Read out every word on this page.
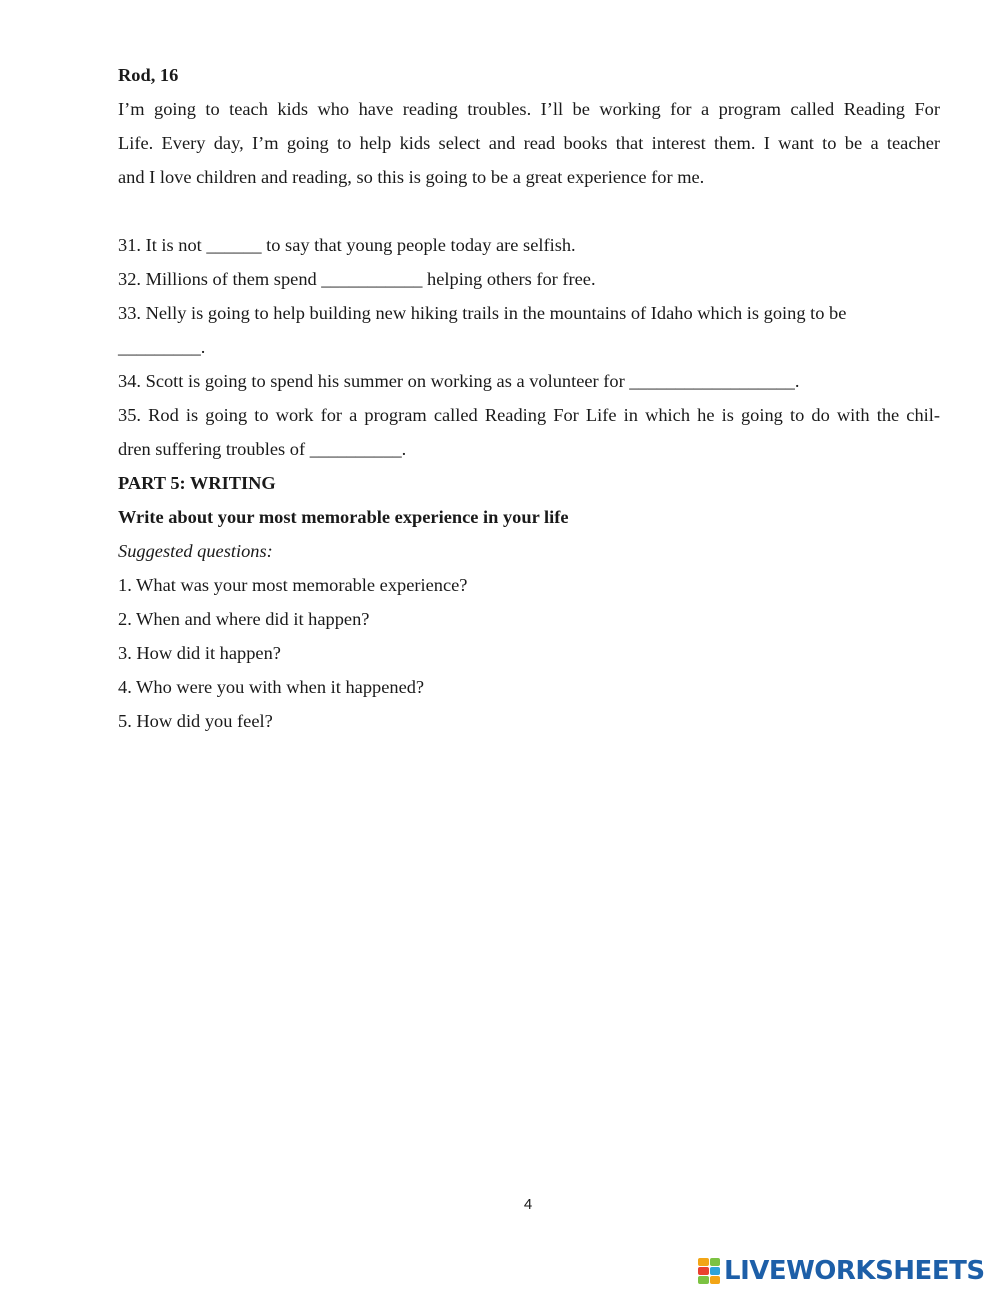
Rod, 16

I’m going to teach kids who have reading troubles. I’ll be working for a program called Reading For

Life. Every day, I’m going to help kids select and read books that interest them. I want to be a teacher

and I love children and reading, so this is going to be a great experience for me.

31. It is not ______ to say that young people today are selfish.

32. Millions of them spend ___________ helping others for free.

33. Nelly is going to help building new hiking trails in the mountains of Idaho which is going to be

_________.

34. Scott is going to spend his summer on working as a volunteer for __________________.

35. Rod is going to work for a program called Reading For Life in which he is going to do with the chil-

dren suffering troubles of __________.

PART 5: WRITING

Write about your most memorable experience in your life

Suggested questions:

1. What was your most memorable experience?

2. When and where did it happen?

3. How did it happen?

4. Who were you with when it happened?

5. How did you feel?

4
LIVEWORKSHEETS
